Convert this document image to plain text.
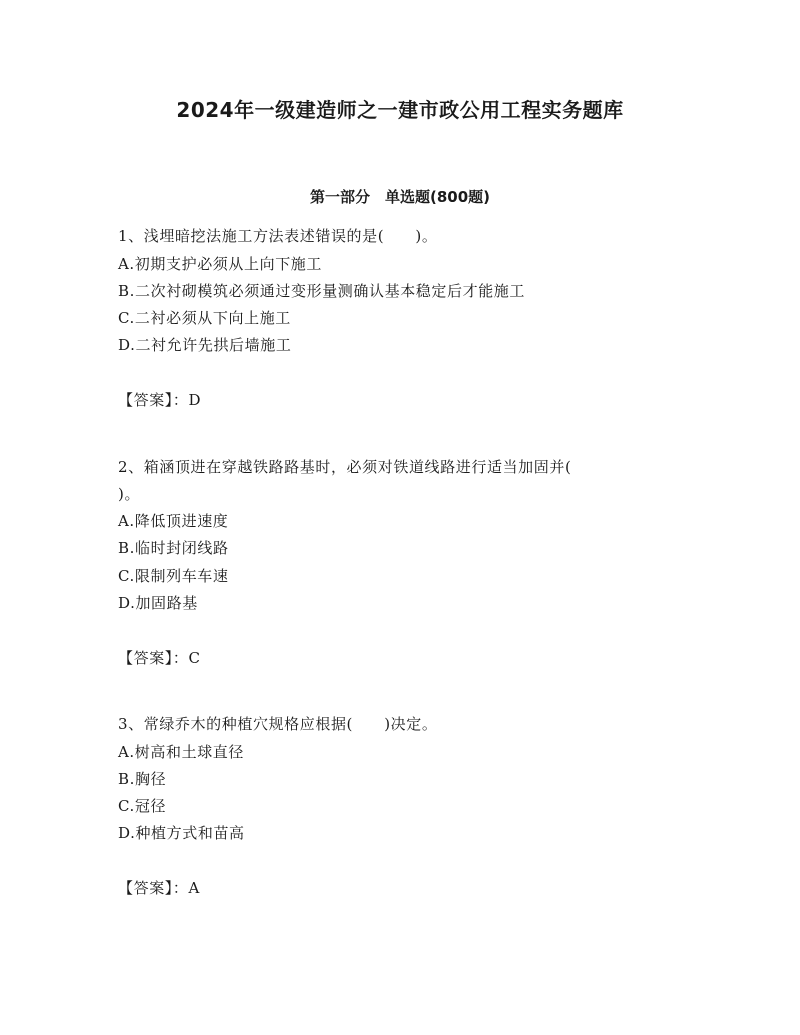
2024年一级建造师之一建市政公用工程实务题库
第一部分　单选题(800题)
1、浅埋暗挖法施工方法表述错误的是(　　)。
A.初期支护必须从上向下施工
B.二次衬砌模筑必须通过变形量测确认基本稳定后才能施工
C.二衬必须从下向上施工
D.二衬允许先拱后墙施工
【答案】：D
2、箱涵顶进在穿越铁路路基时，必须对铁道线路进行适当加固并(
)。
A.降低顶进速度
B.临时封闭线路
C.限制列车车速
D.加固路基
【答案】：C
3、常绿乔木的种植穴规格应根据(　　)决定。
A.树高和土球直径
B.胸径
C.冠径
D.种植方式和苗高
【答案】：A
